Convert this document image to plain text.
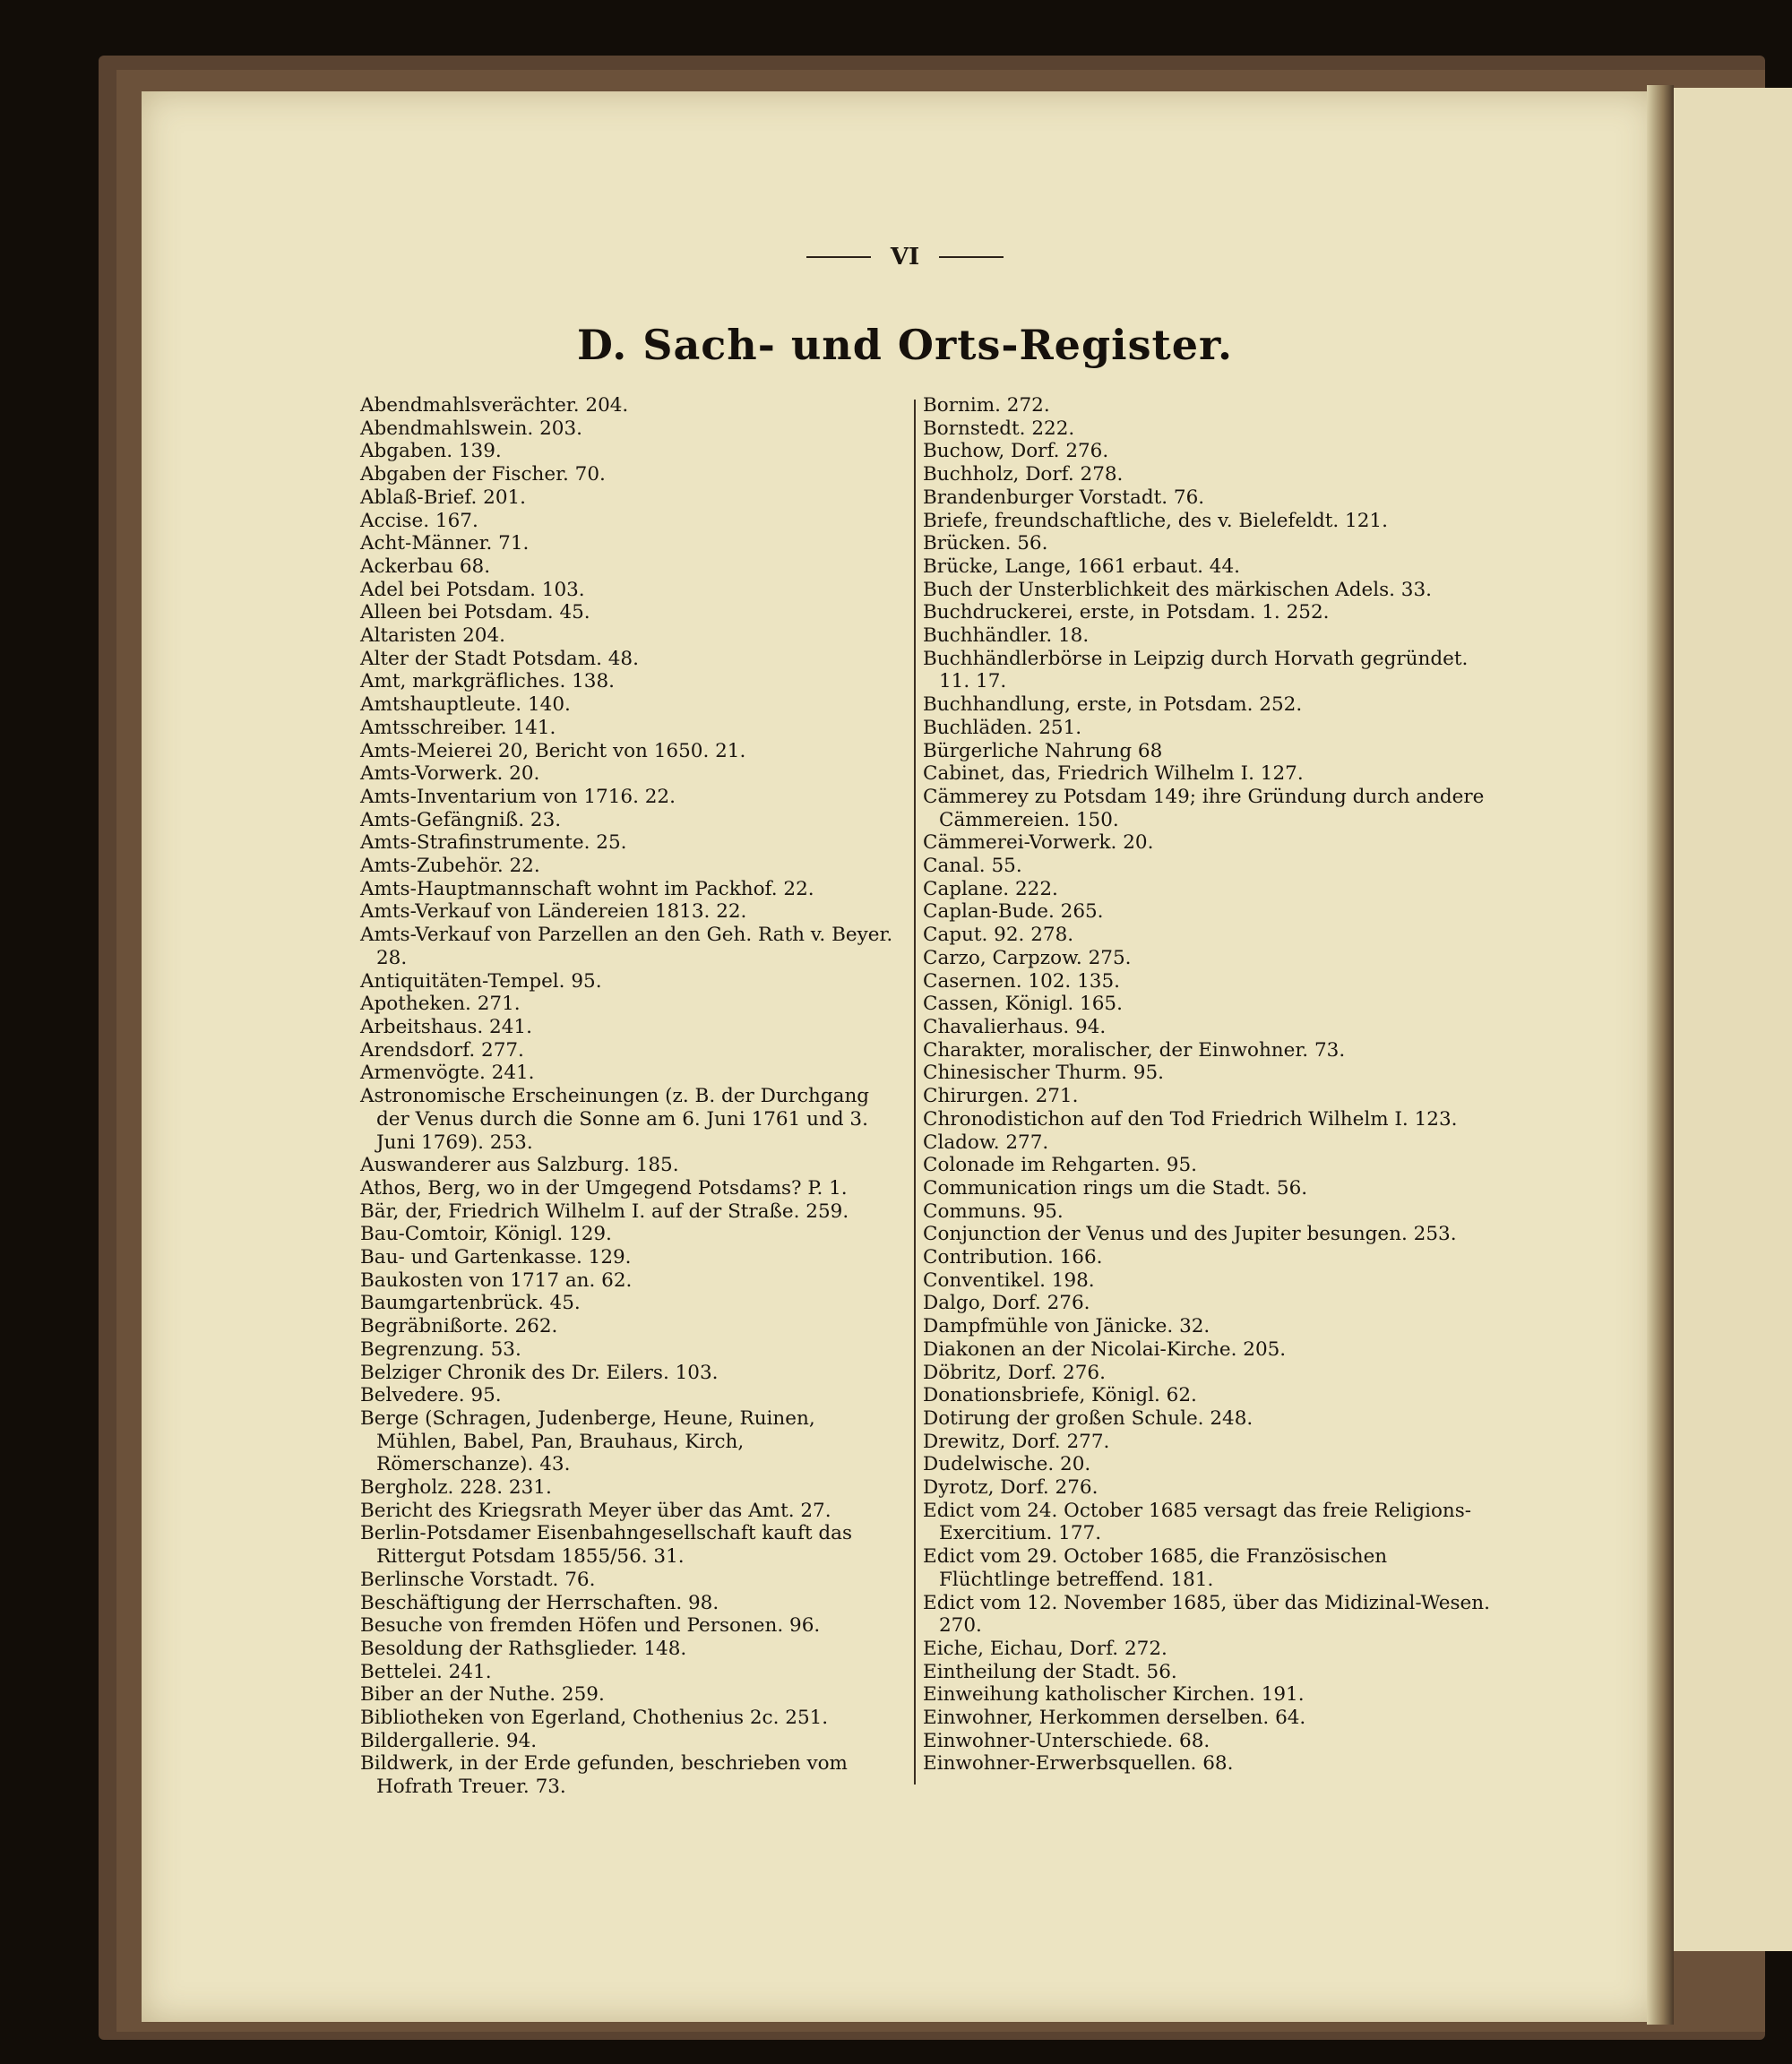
VI
D. Sach- und Orts-Register.

Abendmahlsverächter. 204.

Abendmahlswein. 203.

Abgaben. 139.

Abgaben der Fischer. 70.

Ablaß-Brief. 201.

Accise. 167.

Acht-Männer. 71.

Ackerbau 68.

Adel bei Potsdam. 103.

Alleen bei Potsdam. 45.

Altaristen 204.

Alter der Stadt Potsdam. 48.

Amt, markgräfliches. 138.

Amtshauptleute. 140.

Amtsschreiber. 141.

Amts-Meierei 20, Bericht von 1650. 21.

Amts-Vorwerk. 20.

Amts-Inventarium von 1716. 22.

Amts-Gefängniß. 23.

Amts-Strafinstrumente. 25.

Amts-Zubehör. 22.

Amts-Hauptmannschaft wohnt im Packhof. 22.

Amts-Verkauf von Ländereien 1813. 22.

Amts-Verkauf von Parzellen an den Geh. Rath v. Beyer. 28.

Antiquitäten-Tempel. 95.

Apotheken. 271.

Arbeitshaus. 241.

Arendsdorf. 277.

Armenvögte. 241.

Astronomische Erscheinungen (z. B. der Durchgang der Venus durch die Sonne am 6. Juni 1761 und 3. Juni 1769). 253.

Auswanderer aus Salzburg. 185.

Athos, Berg, wo in der Umgegend Potsdams? P. 1.

Bär, der, Friedrich Wilhelm I. auf der Straße. 259.

Bau-Comtoir, Königl. 129.

Bau- und Gartenkasse. 129.

Baukosten von 1717 an. 62.

Baumgartenbrück. 45.

Begräbnißorte. 262.

Begrenzung. 53.

Belziger Chronik des Dr. Eilers. 103.

Belvedere. 95.

Berge (Schragen, Judenberge, Heune, Ruinen, Mühlen, Babel, Pan, Brauhaus, Kirch, Römerschanze). 43.

Bergholz. 228. 231.

Bericht des Kriegsrath Meyer über das Amt. 27.

Berlin-Potsdamer Eisenbahngesellschaft kauft das Rittergut Potsdam 1855/56. 31.

Berlinsche Vorstadt. 76.

Beschäftigung der Herrschaften. 98.

Besuche von fremden Höfen und Personen. 96.

Besoldung der Rathsglieder. 148.

Bettelei. 241.

Biber an der Nuthe. 259.

Bibliotheken von Egerland, Chothenius 2c. 251.

Bildergallerie. 94.

Bildwerk, in der Erde gefunden, beschrieben vom Hofrath Treuer. 73.

Bornim. 272.

Bornstedt. 222.

Buchow, Dorf. 276.

Buchholz, Dorf. 278.

Brandenburger Vorstadt. 76.

Briefe, freundschaftliche, des v. Bielefeldt. 121.

Brücken. 56.

Brücke, Lange, 1661 erbaut. 44.

Buch der Unsterblichkeit des märkischen Adels. 33.

Buchdruckerei, erste, in Potsdam. 1. 252.

Buchhändler. 18.

Buchhändlerbörse in Leipzig durch Horvath gegründet. 11. 17.

Buchhandlung, erste, in Potsdam. 252.

Buchläden. 251.

Bürgerliche Nahrung 68

Cabinet, das, Friedrich Wilhelm I. 127.

Cämmerey zu Potsdam 149; ihre Gründung durch andere Cämmereien. 150.

Cämmerei-Vorwerk. 20.

Canal. 55.

Caplane. 222.

Caplan-Bude. 265.

Caput. 92. 278.

Carzo, Carpzow. 275.

Casernen. 102. 135.

Cassen, Königl. 165.

Chavalierhaus. 94.

Charakter, moralischer, der Einwohner. 73.

Chinesischer Thurm. 95.

Chirurgen. 271.

Chronodistichon auf den Tod Friedrich Wilhelm I. 123.

Cladow. 277.

Colonade im Rehgarten. 95.

Communication rings um die Stadt. 56.

Communs. 95.

Conjunction der Venus und des Jupiter besungen. 253.

Contribution. 166.

Conventikel. 198.

Dalgo, Dorf. 276.

Dampfmühle von Jänicke. 32.

Diakonen an der Nicolai-Kirche. 205.

Döbritz, Dorf. 276.

Donationsbriefe, Königl. 62.

Dotirung der großen Schule. 248.

Drewitz, Dorf. 277.

Dudelwische. 20.

Dyrotz, Dorf. 276.

Edict vom 24. October 1685 versagt das freie Religions-Exercitium. 177.

Edict vom 29. October 1685, die Französischen Flüchtlinge betreffend. 181.

Edict vom 12. November 1685, über das Midizinal-Wesen. 270.

Eiche, Eichau, Dorf. 272.

Eintheilung der Stadt. 56.

Einweihung katholischer Kirchen. 191.

Einwohner, Herkommen derselben. 64.

Einwohner-Unterschiede. 68.

Einwohner-Erwerbsquellen. 68.
